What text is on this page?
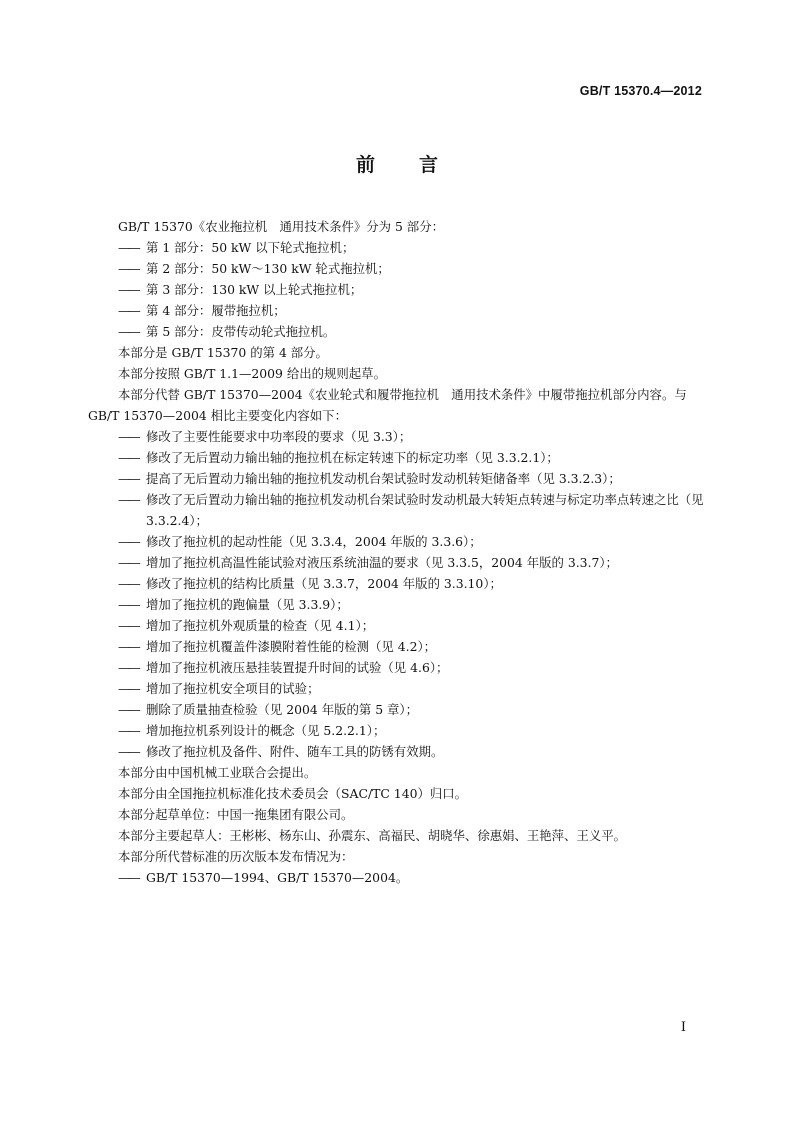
GB/T 15370.4—2012
前言

GB/T 15370《农业拖拉机　通用技术条件》分为 5 部分：

—— 第 1 部分：50 kW 以下轮式拖拉机；

—— 第 2 部分：50 kW～130 kW 轮式拖拉机；

—— 第 3 部分：130 kW 以上轮式拖拉机；

—— 第 4 部分：履带拖拉机；

—— 第 5 部分：皮带传动轮式拖拉机。

本部分是 GB/T 15370 的第 4 部分。

本部分按照 GB/T 1.1—2009 给出的规则起草。

本部分代替 GB/T 15370—2004《农业轮式和履带拖拉机　通用技术条件》中履带拖拉机部分内容。与 GB/T 15370—2004 相比主要变化内容如下：

—— 修改了主要性能要求中功率段的要求（见 3.3）；

—— 修改了无后置动力输出轴的拖拉机在标定转速下的标定功率（见 3.3.2.1）；

—— 提高了无后置动力输出轴的拖拉机发动机台架试验时发动机转矩储备率（见 3.3.2.3）；

—— 修改了无后置动力输出轴的拖拉机发动机台架试验时发动机最大转矩点转速与标定功率点转速之比（见 3.3.2.4）；

—— 修改了拖拉机的起动性能（见 3.3.4，2004 年版的 3.3.6）；

—— 增加了拖拉机高温性能试验对液压系统油温的要求（见 3.3.5，2004 年版的 3.3.7）；

—— 修改了拖拉机的结构比质量（见 3.3.7，2004 年版的 3.3.10）；

—— 增加了拖拉机的跑偏量（见 3.3.9）；

—— 增加了拖拉机外观质量的检查（见 4.1）；

—— 增加了拖拉机覆盖件漆膜附着性能的检测（见 4.2）；

—— 增加了拖拉机液压悬挂装置提升时间的试验（见 4.6）；

—— 增加了拖拉机安全项目的试验；

—— 删除了质量抽查检验（见 2004 年版的第 5 章）；

—— 增加拖拉机系列设计的概念（见 5.2.2.1）；

—— 修改了拖拉机及备件、附件、随车工具的防锈有效期。

本部分由中国机械工业联合会提出。

本部分由全国拖拉机标准化技术委员会（SAC/TC 140）归口。

本部分起草单位：中国一拖集团有限公司。

本部分主要起草人：王彬彬、杨东山、孙震东、高福民、胡晓华、徐惠娟、王艳萍、王义平。

本部分所代替标准的历次版本发布情况为：

—— GB/T 15370—1994、GB/T 15370—2004。

I
